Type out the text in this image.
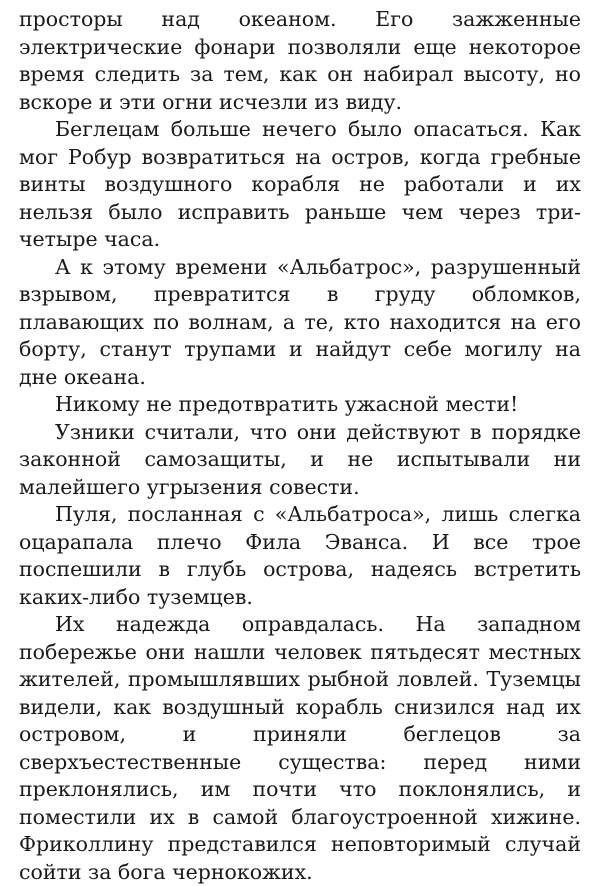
просторы над океаном. Его зажженные электрические фонари позволяли еще некоторое время следить за тем, как он набирал высоту, но вскоре и эти огни исчезли из виду.

Беглецам больше нечего было опасаться. Как мог Робур возвратиться на остров, когда гребные винты воздушного корабля не работали и их нельзя было исправить раньше чем через три-четыре часа.

А к этому времени «Альбатрос», разрушенный взрывом, превратится в груду обломков, плавающих по волнам, а те, кто находится на его борту, станут трупами и найдут себе могилу на дне океана.

Никому не предотвратить ужасной мести!

Узники считали, что они действуют в порядке законной самозащиты, и не испытывали ни малейшего угрызения совести.

Пуля, посланная с «Альбатроса», лишь слегка оцарапала плечо Фила Эванса. И все трое поспешили в глубь острова, надеясь встретить каких-либо туземцев.

Их надежда оправдалась. На западном побережье они нашли человек пятьдесят местных жителей, промышлявших рыбной ловлей. Туземцы видели, как воздушный корабль снизился над их островом, и приняли беглецов за сверхъестественные существа: перед ними преклонялись, им почти что поклонялись, и поместили их в самой благоустроенной хижине. Фриколлину представился неповторимый случай сойти за бога чернокожих.
